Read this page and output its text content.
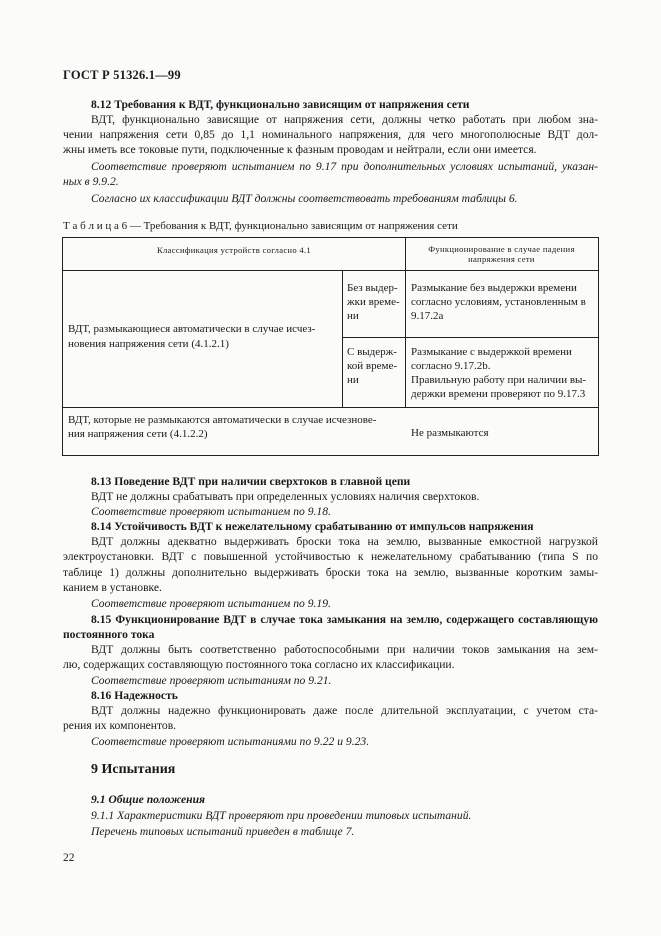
ГОСТ Р 51326.1—99
8.12 Требования к ВДТ, функционально зависящим от напряжения сети
ВДТ, функционально зависящие от напряжения сети, должны четко работать при любом зна-
чении напряжения сети 0,85 до 1,1 номинального напряжения, для чего многополюсные ВДТ дол-
жны иметь все токовые пути, подключенные к фазным проводам и нейтрали, если они имеется.
Соответствие проверяют испытанием по 9.17 при дополнительных условиях испытаний, указан-
ных в 9.9.2.
Согласно их классификации ВДТ должны соответствовать требованиям таблицы 6.
Т а б л и ц а 6 — Требования к ВДТ, функционально зависящим от напряжения сети
Классификация устройств согласно 4.1	Функционирование в случае падения
напряжения сети
ВДТ, размыкающиеся автоматически в случае исчез-
новения напряжения сети (4.1.2.1)
Без выдер-
жки време-
ни
Размыкание без выдержки времени
согласно условиям, установленным в
9.17.2а
С выдерж-
кой време-
ни
Размыкание с выдержкой времени
согласно 9.17.2b.
Правильную работу при наличии вы-
держки времени проверяют по 9.17.3
ВДТ, которые не размыкаются автоматически в случае исчезнове-
ния напряжения сети (4.1.2.2)	Не размыкаются
8.13 Поведение ВДТ при наличии сверхтоков в главной цепи
ВДТ не должны срабатывать при определенных условиях наличия сверхтоков.
Соответствие проверяют испытанием по 9.18.
8.14 Устойчивость ВДТ к нежелательному срабатыванию от импульсов напряжения
ВДТ должны адекватно выдерживать броски тока на землю, вызванные емкостной нагрузкой
электроустановки. ВДТ с повышенной устойчивостью к нежелательному срабатыванию (типа S по
таблице 1) должны дополнительно выдерживать броски тока на землю, вызванные коротким замы-
канием в установке.
Соответствие проверяют испытанием по 9.19.
8.15 Функционирование ВДТ в случае тока замыкания на землю, содержащего составляющую
постоянного тока
ВДТ должны быть соответственно работоспособными при наличии токов замыкания на зем-
лю, содержащих составляющую постоянного тока согласно их классификации.
Соответствие проверяют испытаниям по 9.21.
8.16 Надежность
ВДТ должны надежно функционировать даже после длительной эксплуатации, с учетом ста-
рения их компонентов.
Соответствие проверяют испытаниями по 9.22 и 9.23.
9 Испытания
9.1 Общие положения
9.1.1 Характеристики ВДТ проверяют при проведении типовых испытаний.
Перечень типовых испытаний приведен в таблице 7.
22
